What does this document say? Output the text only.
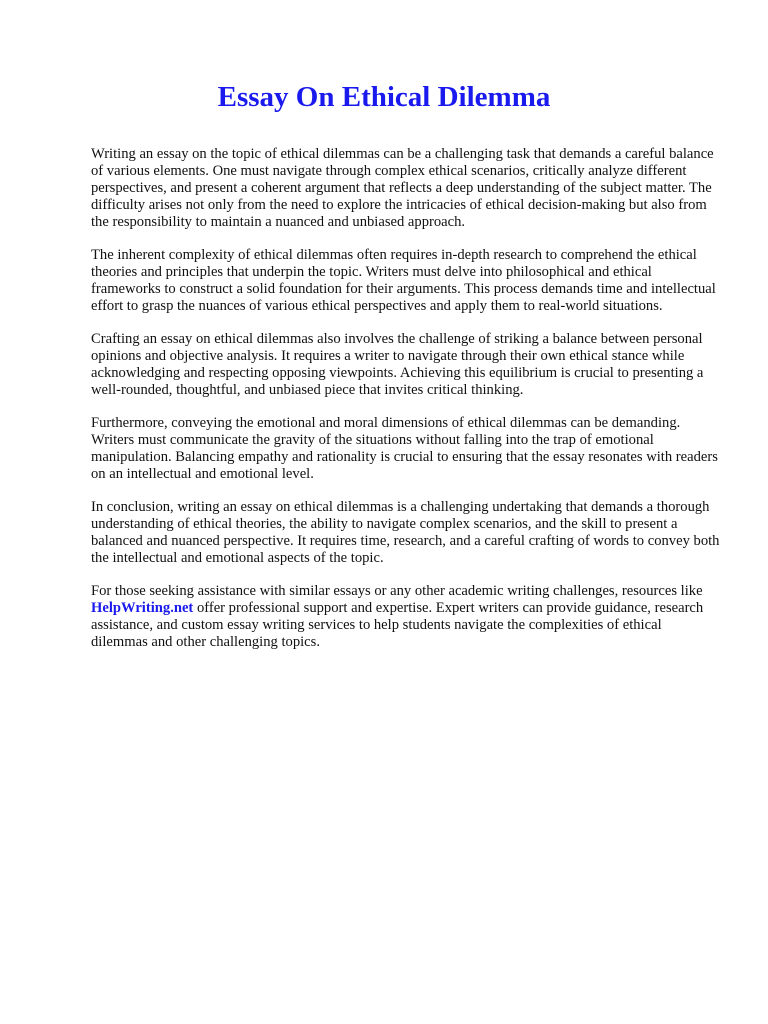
Essay On Ethical Dilemma

Writing an essay on the topic of ethical dilemmas can be a challenging task that demands a careful balance of various elements. One must navigate through complex ethical scenarios, critically analyze different perspectives, and present a coherent argument that reflects a deep understanding of the subject matter. The difficulty arises not only from the need to explore the intricacies of ethical decision-making but also from the responsibility to maintain a nuanced and unbiased approach.

The inherent complexity of ethical dilemmas often requires in-depth research to comprehend the ethical theories and principles that underpin the topic. Writers must delve into philosophical and ethical frameworks to construct a solid foundation for their arguments. This process demands time and intellectual effort to grasp the nuances of various ethical perspectives and apply them to real-world situations.

Crafting an essay on ethical dilemmas also involves the challenge of striking a balance between personal opinions and objective analysis. It requires a writer to navigate through their own ethical stance while acknowledging and respecting opposing viewpoints. Achieving this equilibrium is crucial to presenting a well-rounded, thoughtful, and unbiased piece that invites critical thinking.

Furthermore, conveying the emotional and moral dimensions of ethical dilemmas can be demanding. Writers must communicate the gravity of the situations without falling into the trap of emotional manipulation. Balancing empathy and rationality is crucial to ensuring that the essay resonates with readers on an intellectual and emotional level.

In conclusion, writing an essay on ethical dilemmas is a challenging undertaking that demands a thorough understanding of ethical theories, the ability to navigate complex scenarios, and the skill to present a balanced and nuanced perspective. It requires time, research, and a careful crafting of words to convey both the intellectual and emotional aspects of the topic.

For those seeking assistance with similar essays or any other academic writing challenges, resources like HelpWriting.net offer professional support and expertise. Expert writers can provide guidance, research assistance, and custom essay writing services to help students navigate the complexities of ethical dilemmas and other challenging topics.
